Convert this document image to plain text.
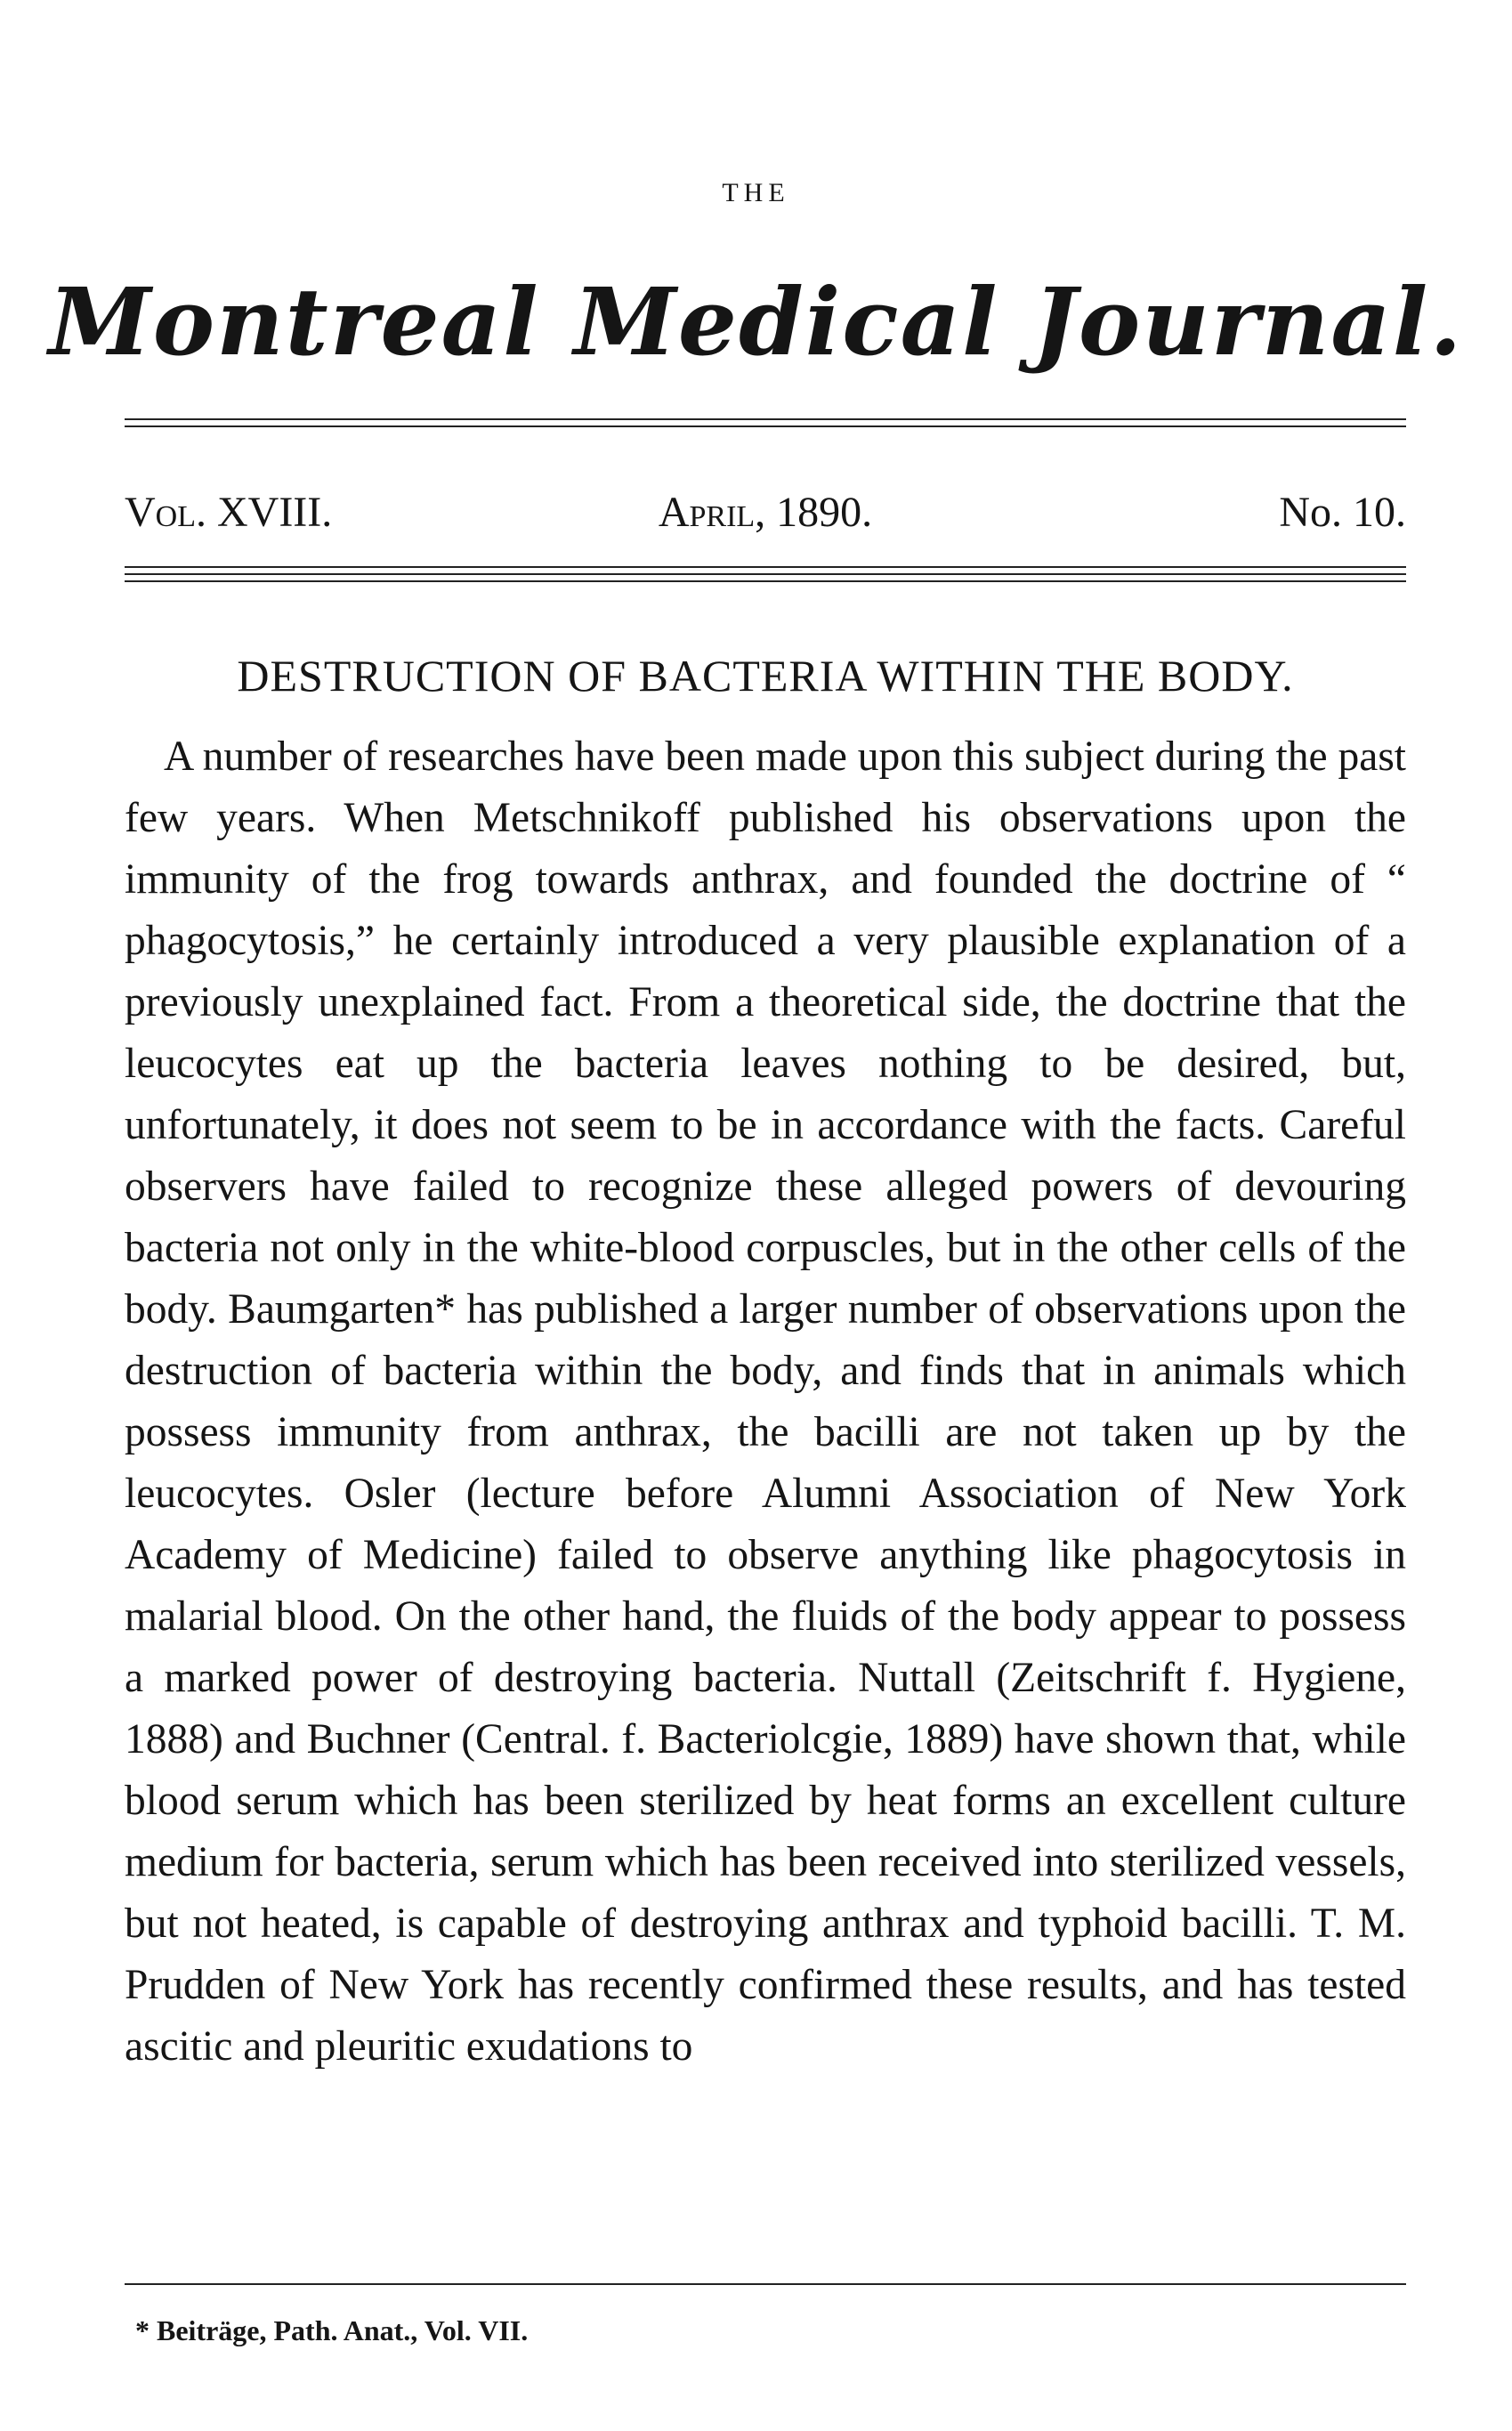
THE
Montreal Medical Journal.
Vol. XVIII.	April, 1890.	No. 10.
DESTRUCTION OF BACTERIA WITHIN THE BODY.

A number of researches have been made upon this subject during the past few years. When Metschnikoff published his observations upon the immunity of the frog towards anthrax, and founded the doctrine of “ phagocytosis,” he certainly introduced a very plausible explanation of a previously unexplained fact. From a theoretical side, the doctrine that the leucocytes eat up the bacteria leaves nothing to be desired, but, unfortunately, it does not seem to be in accordance with the facts. Careful observers have failed to recognize these alleged powers of devouring bacteria not only in the white-blood corpuscles, but in the other cells of the body. Baumgarten* has published a larger number of observations upon the destruction of bacteria within the body, and finds that in animals which possess immunity from anthrax, the bacilli are not taken up by the leucocytes. Osler (lecture before Alumni Association of New York Academy of Medicine) failed to observe anything like phagocytosis in malarial blood. On the other hand, the fluids of the body appear to possess a marked power of destroying bacteria. Nuttall (Zeitschrift f. Hygiene, 1888) and Buchner (Central. f. Bacteriolcgie, 1889) have shown that, while blood serum which has been sterilized by heat forms an excellent culture medium for bacteria, serum which has been received into sterilized vessels, but not heated, is capable of destroying anthrax and typhoid bacilli. T. M. Prudden of New York has recently confirmed these results, and has tested ascitic and pleuritic exudations to

* Beiträge, Path. Anat., Vol. VII.
